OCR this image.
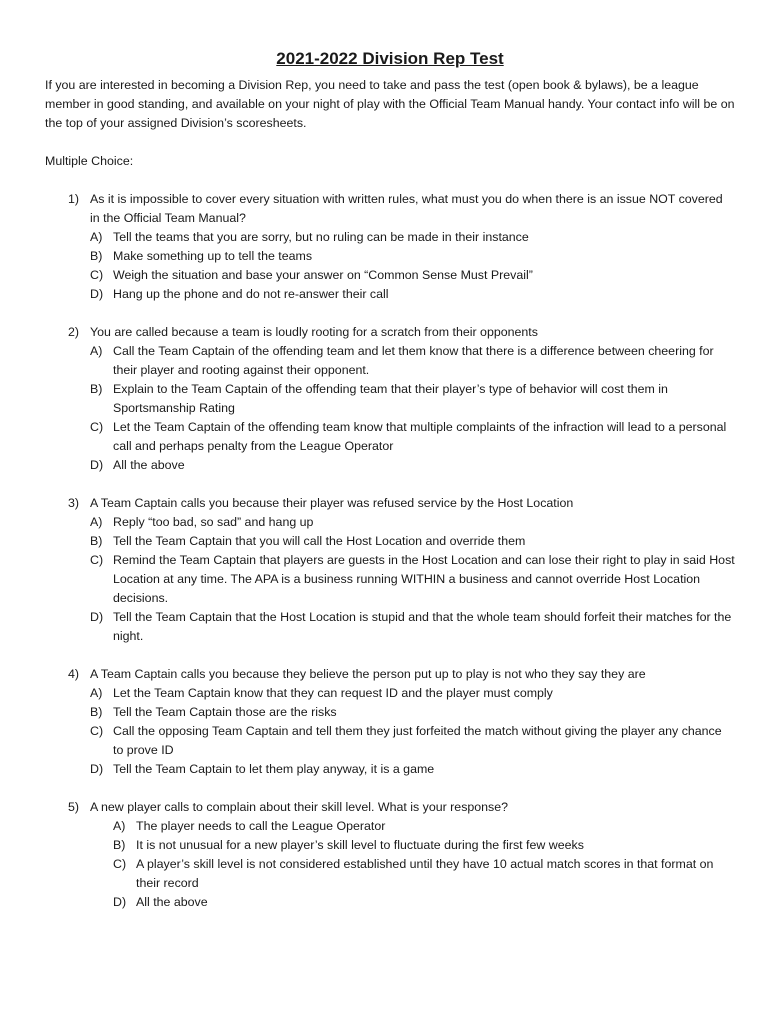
2021-2022 Division Rep Test

If you are interested in becoming a Division Rep, you need to take and pass the test (open book & bylaws), be a league member in good standing, and available on your night of play with the Official Team Manual handy. Your contact info will be on the top of your assigned Division’s scoresheets.

Multiple Choice:

1) As it is impossible to cover every situation with written rules, what must you do when there is an issue NOT covered in the Official Team Manual?
A) Tell the teams that you are sorry, but no ruling can be made in their instance
B) Make something up to tell the teams
C) Weigh the situation and base your answer on “Common Sense Must Prevail”
D) Hang up the phone and do not re-answer their call
2) You are called because a team is loudly rooting for a scratch from their opponents
A) Call the Team Captain of the offending team and let them know that there is a difference between cheering for their player and rooting against their opponent.
B) Explain to the Team Captain of the offending team that their player’s type of behavior will cost them in Sportsmanship Rating
C) Let the Team Captain of the offending team know that multiple complaints of the infraction will lead to a personal call and perhaps penalty from the League Operator
D) All the above
3) A Team Captain calls you because their player was refused service by the Host Location
A) Reply “too bad, so sad” and hang up
B) Tell the Team Captain that you will call the Host Location and override them
C) Remind the Team Captain that players are guests in the Host Location and can lose their right to play in said Host Location at any time. The APA is a business running WITHIN a business and cannot override Host Location decisions.
D) Tell the Team Captain that the Host Location is stupid and that the whole team should forfeit their matches for the night.
4) A Team Captain calls you because they believe the person put up to play is not who they say they are
A) Let the Team Captain know that they can request ID and the player must comply
B) Tell the Team Captain those are the risks
C) Call the opposing Team Captain and tell them they just forfeited the match without giving the player any chance to prove ID
D) Tell the Team Captain to let them play anyway, it is a game
5) A new player calls to complain about their skill level. What is your response?
A) The player needs to call the League Operator
B) It is not unusual for a new player’s skill level to fluctuate during the first few weeks
C) A player’s skill level is not considered established until they have 10 actual match scores in that format on their record
D) All the above
